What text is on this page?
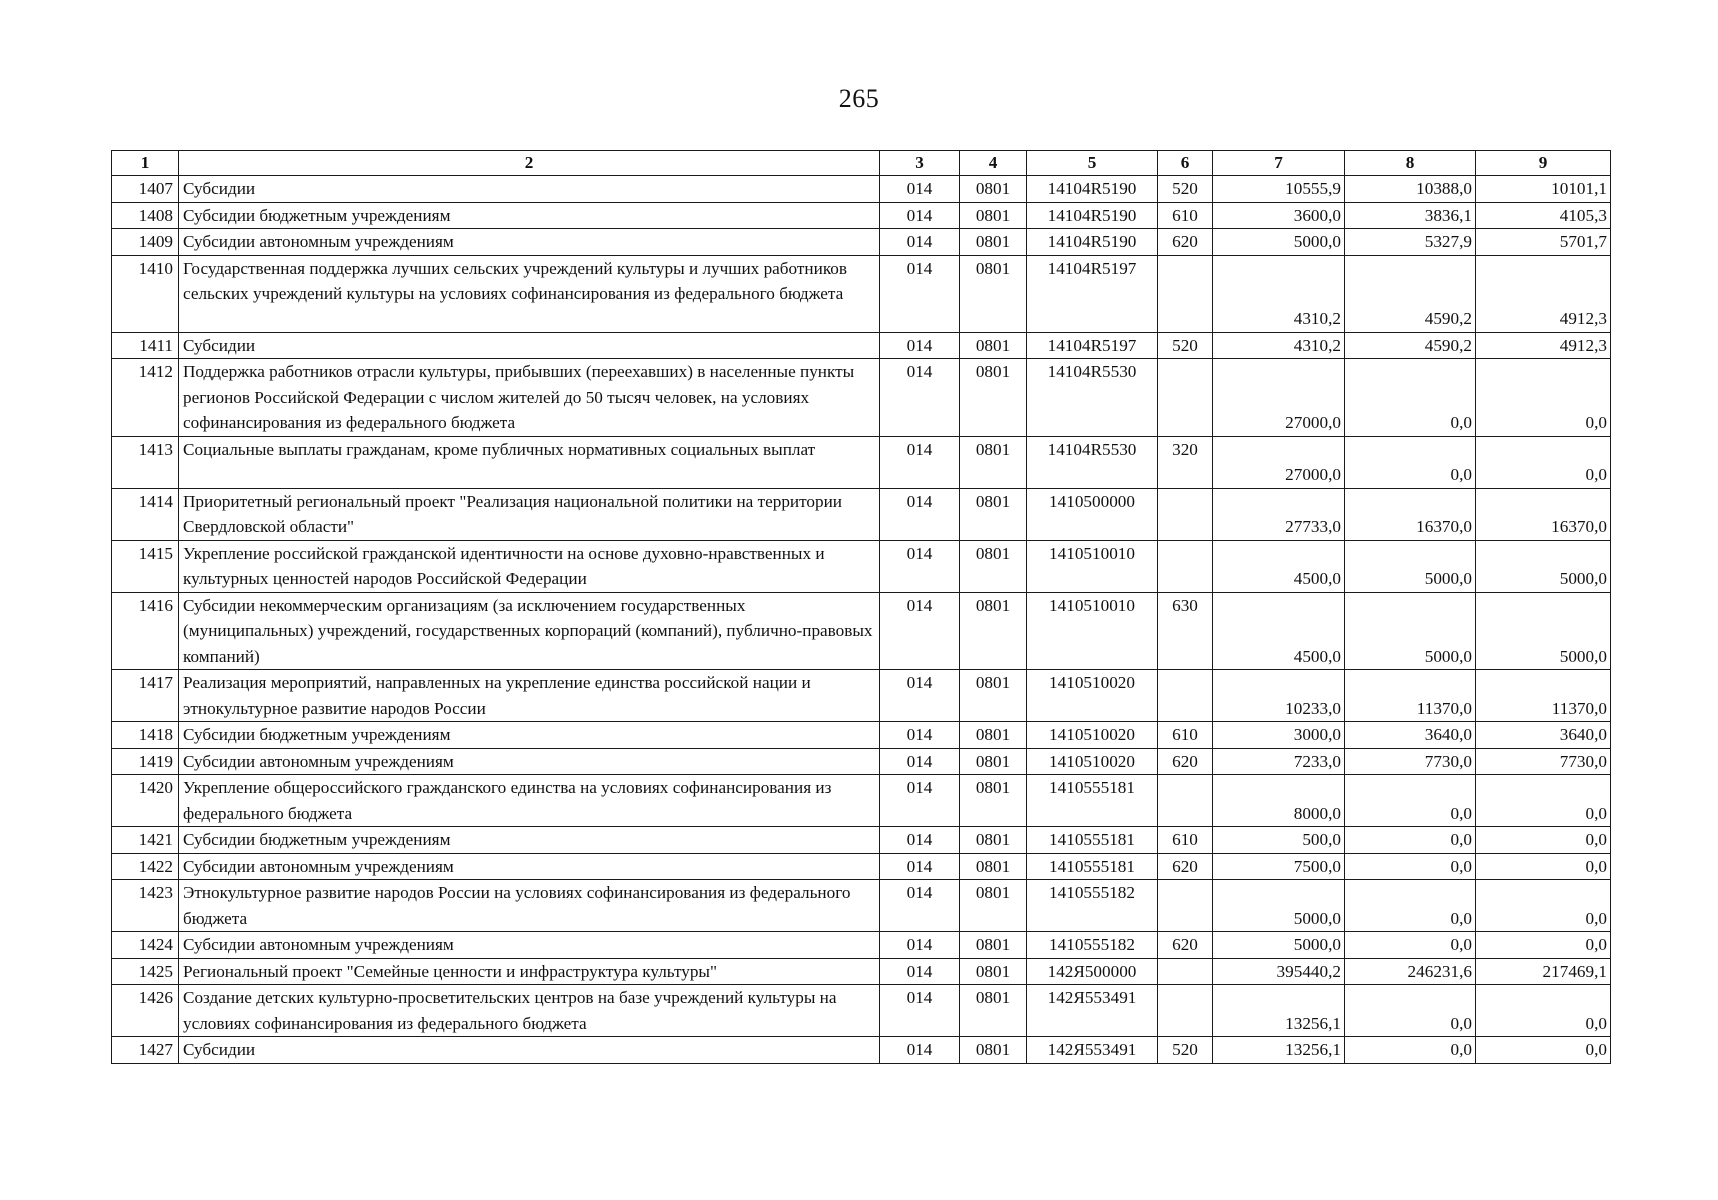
265
1	2	3	4	5	6	7	8	9
1407	Субсидии	014	0801	14104R5190	520	10555,9	10388,0	10101,1
1408	Субсидии бюджетным учреждениям	014	0801	14104R5190	610	3600,0	3836,1	4105,3
1409	Субсидии автономным учреждениям	014	0801	14104R5190	620	5000,0	5327,9	5701,7
1410	Государственная поддержка лучших сельских учреждений культуры и лучших работников сельских учреждений культуры на условиях софинансирования из федерального бюджета	014	0801	14104R5197		4310,2	4590,2	4912,3
1411	Субсидии	014	0801	14104R5197	520	4310,2	4590,2	4912,3
1412	Поддержка работников отрасли культуры, прибывших (переехавших) в населенные пункты регионов Российской Федерации с числом жителей до 50 тысяч человек, на условиях софинансирования из федерального бюджета	014	0801	14104R5530		27000,0	0,0	0,0
1413	Социальные выплаты гражданам, кроме публичных нормативных социальных выплат	014	0801	14104R5530	320	27000,0	0,0	0,0
1414	Приоритетный региональный проект "Реализация национальной политики на территории Свердловской области"	014	0801	1410500000		27733,0	16370,0	16370,0
1415	Укрепление российской гражданской идентичности на основе духовно-нравственных и культурных ценностей народов Российской Федерации	014	0801	1410510010		4500,0	5000,0	5000,0
1416	Субсидии некоммерческим организациям (за исключением государственных (муниципальных) учреждений, государственных корпораций (компаний), публично-правовых компаний)	014	0801	1410510010	630	4500,0	5000,0	5000,0
1417	Реализация мероприятий, направленных на укрепление единства российской нации и этнокультурное развитие народов России	014	0801	1410510020		10233,0	11370,0	11370,0
1418	Субсидии бюджетным учреждениям	014	0801	1410510020	610	3000,0	3640,0	3640,0
1419	Субсидии автономным учреждениям	014	0801	1410510020	620	7233,0	7730,0	7730,0
1420	Укрепление общероссийского гражданского единства на условиях софинансирования из федерального бюджета	014	0801	1410555181		8000,0	0,0	0,0
1421	Субсидии бюджетным учреждениям	014	0801	1410555181	610	500,0	0,0	0,0
1422	Субсидии автономным учреждениям	014	0801	1410555181	620	7500,0	0,0	0,0
1423	Этнокультурное развитие народов России на условиях софинансирования из федерального бюджета	014	0801	1410555182		5000,0	0,0	0,0
1424	Субсидии автономным учреждениям	014	0801	1410555182	620	5000,0	0,0	0,0
1425	Региональный проект "Семейные ценности и инфраструктура культуры"	014	0801	142Я500000		395440,2	246231,6	217469,1
1426	Создание детских культурно-просветительских центров на базе учреждений культуры на условиях софинансирования из федерального бюджета	014	0801	142Я553491		13256,1	0,0	0,0
1427	Субсидии	014	0801	142Я553491	520	13256,1	0,0	0,0
